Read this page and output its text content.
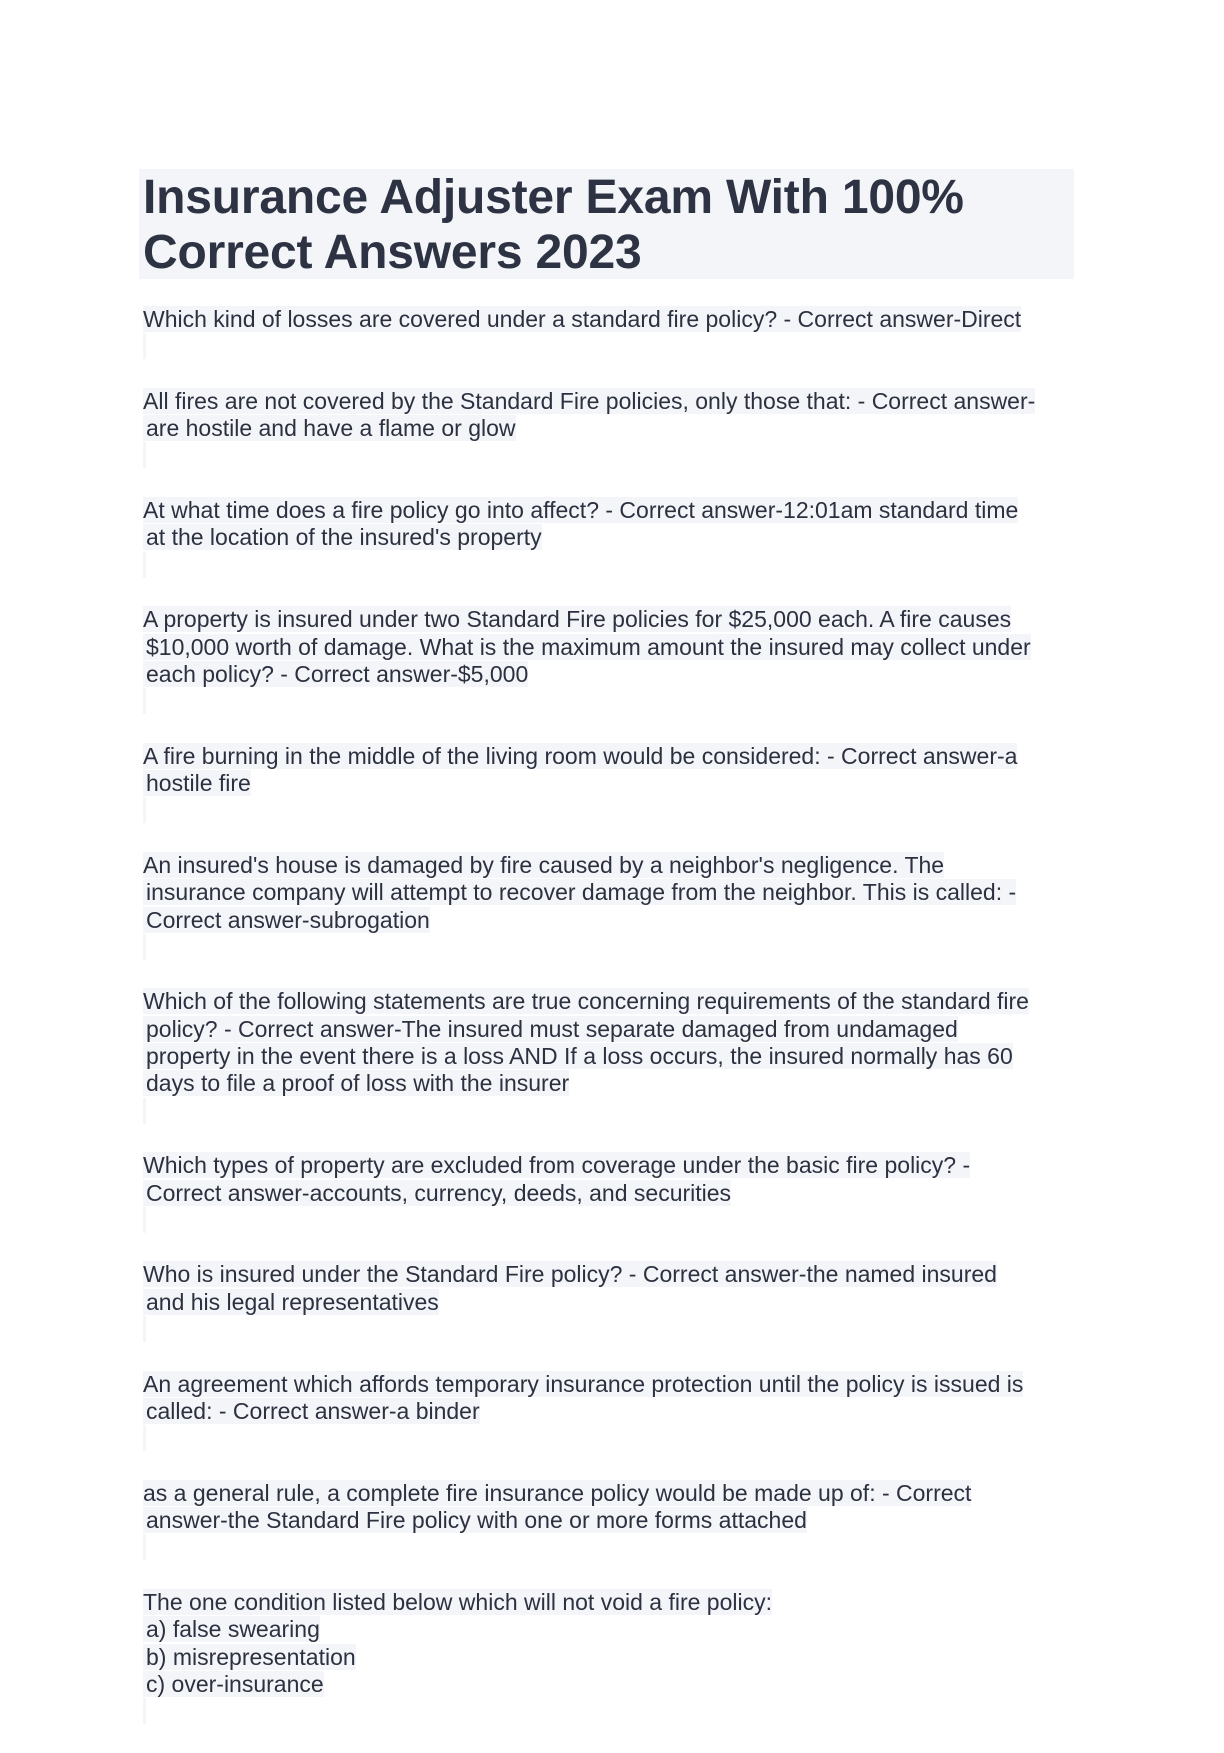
Insurance Adjuster Exam With 100%
Correct Answers 2023

Which kind of losses are covered under a standard fire policy? - Correct answer-Direct

All fires are not covered by the Standard Fire policies, only those that: - Correct answer-are hostile and have a flame or glow

At what time does a fire policy go into affect? - Correct answer-12:01am standard timeat the location of the insured's property

A property is insured under two Standard Fire policies for $25,000 each. A fire causes$10,000 worth of damage. What is the maximum amount the insured may collect undereach policy? - Correct answer-$5,000

A fire burning in the middle of the living room would be considered: - Correct answer-ahostile fire

An insured's house is damaged by fire caused by a neighbor's negligence. Theinsurance company will attempt to recover damage from the neighbor. This is called: -Correct answer-subrogation

Which of the following statements are true concerning requirements of the standard firepolicy? - Correct answer-The insured must separate damaged from undamagedproperty in the event there is a loss AND If a loss occurs, the insured normally has 60days to file a proof of loss with the insurer

Which types of property are excluded from coverage under the basic fire policy? -Correct answer-accounts, currency, deeds, and securities

Who is insured under the Standard Fire policy? - Correct answer-the named insuredand his legal representatives

An agreement which affords temporary insurance protection until the policy is issued iscalled: - Correct answer-a binder

as a general rule, a complete fire insurance policy would be made up of: - Correctanswer-the Standard Fire policy with one or more forms attached

The one condition listed below which will not void a fire policy:a) false swearingb) misrepresentationc) over-insurance
